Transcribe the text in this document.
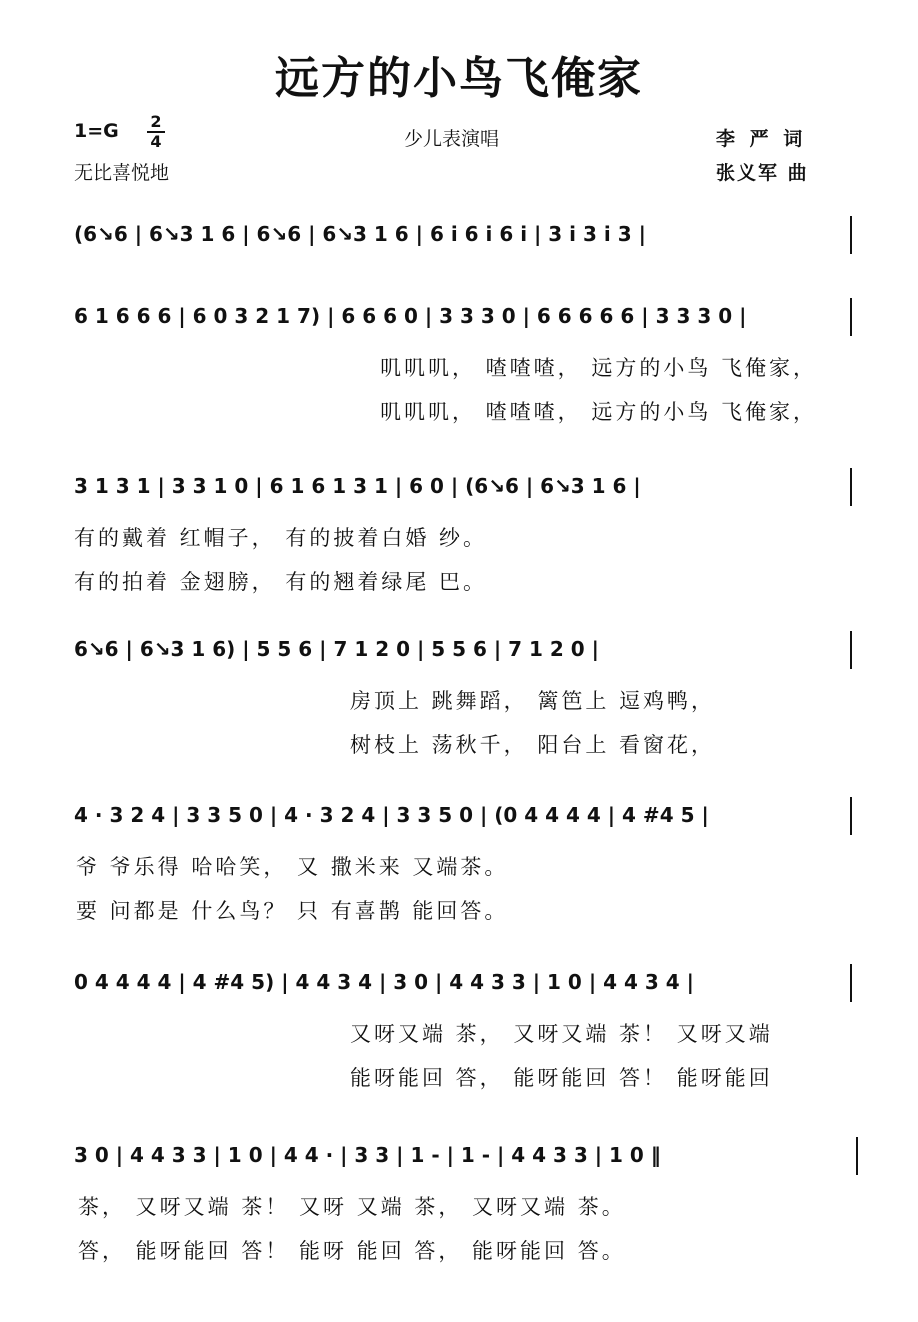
远方的小鸟飞俺家
1=G 2
4	少儿表演唱
无比喜悦地
李 严 词
张义军 曲
(6↘6 | 6↘3 1 6 | 6↘6 | 6↘3 1 6 | 6 i 6 i 6 i | 3 i 3 i 3 |
6 1 6 6 6 | 6 0 3 2 1 7) | 6 6 6 0 | 3 3 3 0 | 6 6 6 6 6 | 3 3 3 0 |
叽叽叽， 喳喳喳， 远方的小鸟 飞俺家，
叽叽叽， 喳喳喳， 远方的小鸟 飞俺家，
3 1 3 1 | 3 3 1 0 | 6 1 6 1 3 1 | 6 0 | (6↘6 | 6↘3 1 6 |
有的戴着 红帽子， 有的披着白婚 纱。
有的拍着 金翅膀， 有的翘着绿尾 巴。
6↘6 | 6↘3 1 6) | 5 5 6 | 7 1 2 0 | 5 5 6 | 7 1 2 0 |
房顶上 跳舞蹈， 篱笆上 逗鸡鸭，
树枝上 荡秋千， 阳台上 看窗花，
4 · 3 2 4 | 3 3 5 0 | 4 · 3 2 4 | 3 3 5 0 | (0 4 4 4 4 | 4 #4 5 |
爷 爷乐得 哈哈笑， 又 撒米来 又端茶。
要 问都是 什么鸟？ 只 有喜鹊 能回答。
0 4 4 4 4 | 4 #4 5) | 4 4 3 4 | 3 0 | 4 4 3 3 | 1 0 | 4 4 3 4 |
又呀又端 茶， 又呀又端 茶！ 又呀又端
能呀能回 答， 能呀能回 答！ 能呀能回
3 0 | 4 4 3 3 | 1 0 | 4 4 · | 3 3 | 1 - | 1 - | 4 4 3 3 | 1 0 ‖
茶， 又呀又端 茶！ 又呀 又端 茶， 又呀又端 茶。
答， 能呀能回 答！ 能呀 能回 答， 能呀能回 答。
